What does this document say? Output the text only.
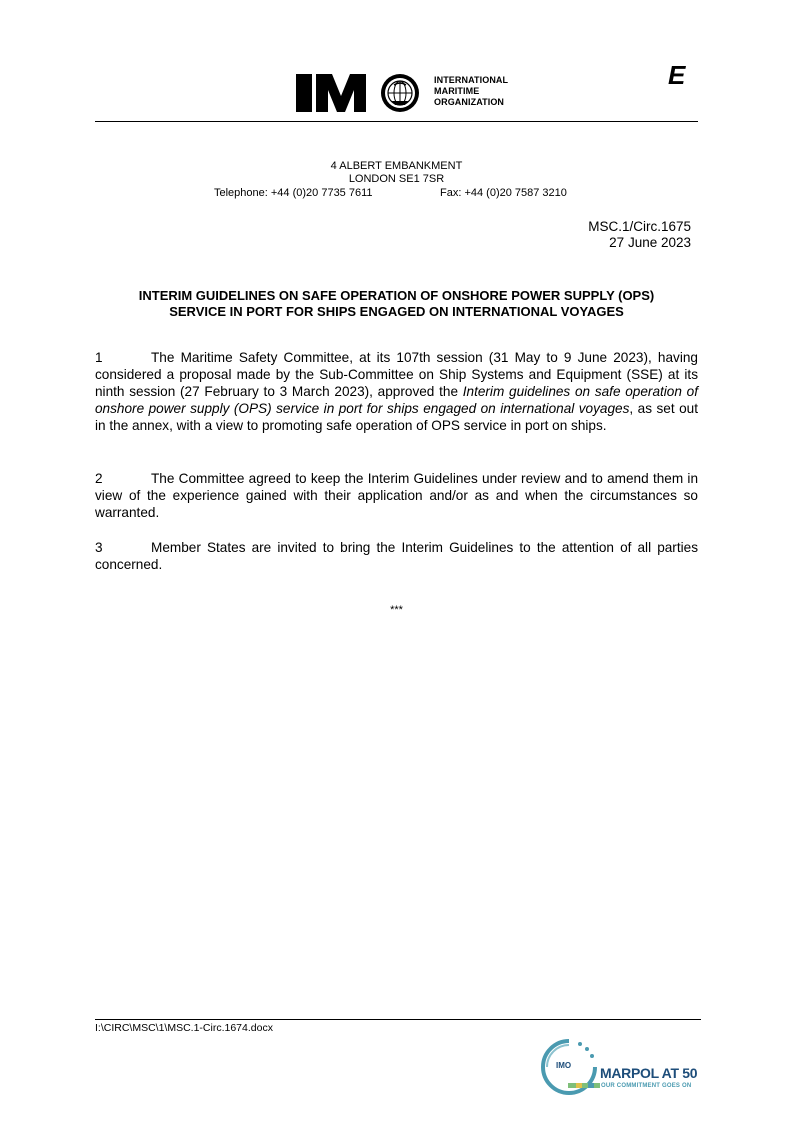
INTERNATIONAL
MARITIME
ORGANIZATION
E
4 ALBERT EMBANKMENT
LONDON SE1 7SR
Telephone: +44 (0)20 7735 7611	Fax: +44 (0)20 7587 3210
MSC.1/Circ.1675
27 June 2023
INTERIM GUIDELINES ON SAFE OPERATION OF ONSHORE POWER SUPPLY (OPS)
SERVICE IN PORT FOR SHIPS ENGAGED ON INTERNATIONAL VOYAGES
1	The Maritime Safety Committee, at its 107th session (31 May to 9 June 2023), having considered a proposal made by the Sub-Committee on Ship Systems and Equipment (SSE) at its ninth session (27 February to 3 March 2023), approved the Interim guidelines on safe operation of onshore power supply (OPS) service in port for ships engaged on international voyages, as set out in the annex, with a view to promoting safe operation of OPS service in port on ships.
2	The Committee agreed to keep the Interim Guidelines under review and to amend them in view of the experience gained with their application and/or as and when the circumstances so warranted.
3	Member States are invited to bring the Interim Guidelines to the attention of all parties concerned.
***
I:\CIRC\MSC\1\MSC.1-Circ.1674.docx
IMO MARPOL AT 50
OUR COMMITMENT GOES ON
